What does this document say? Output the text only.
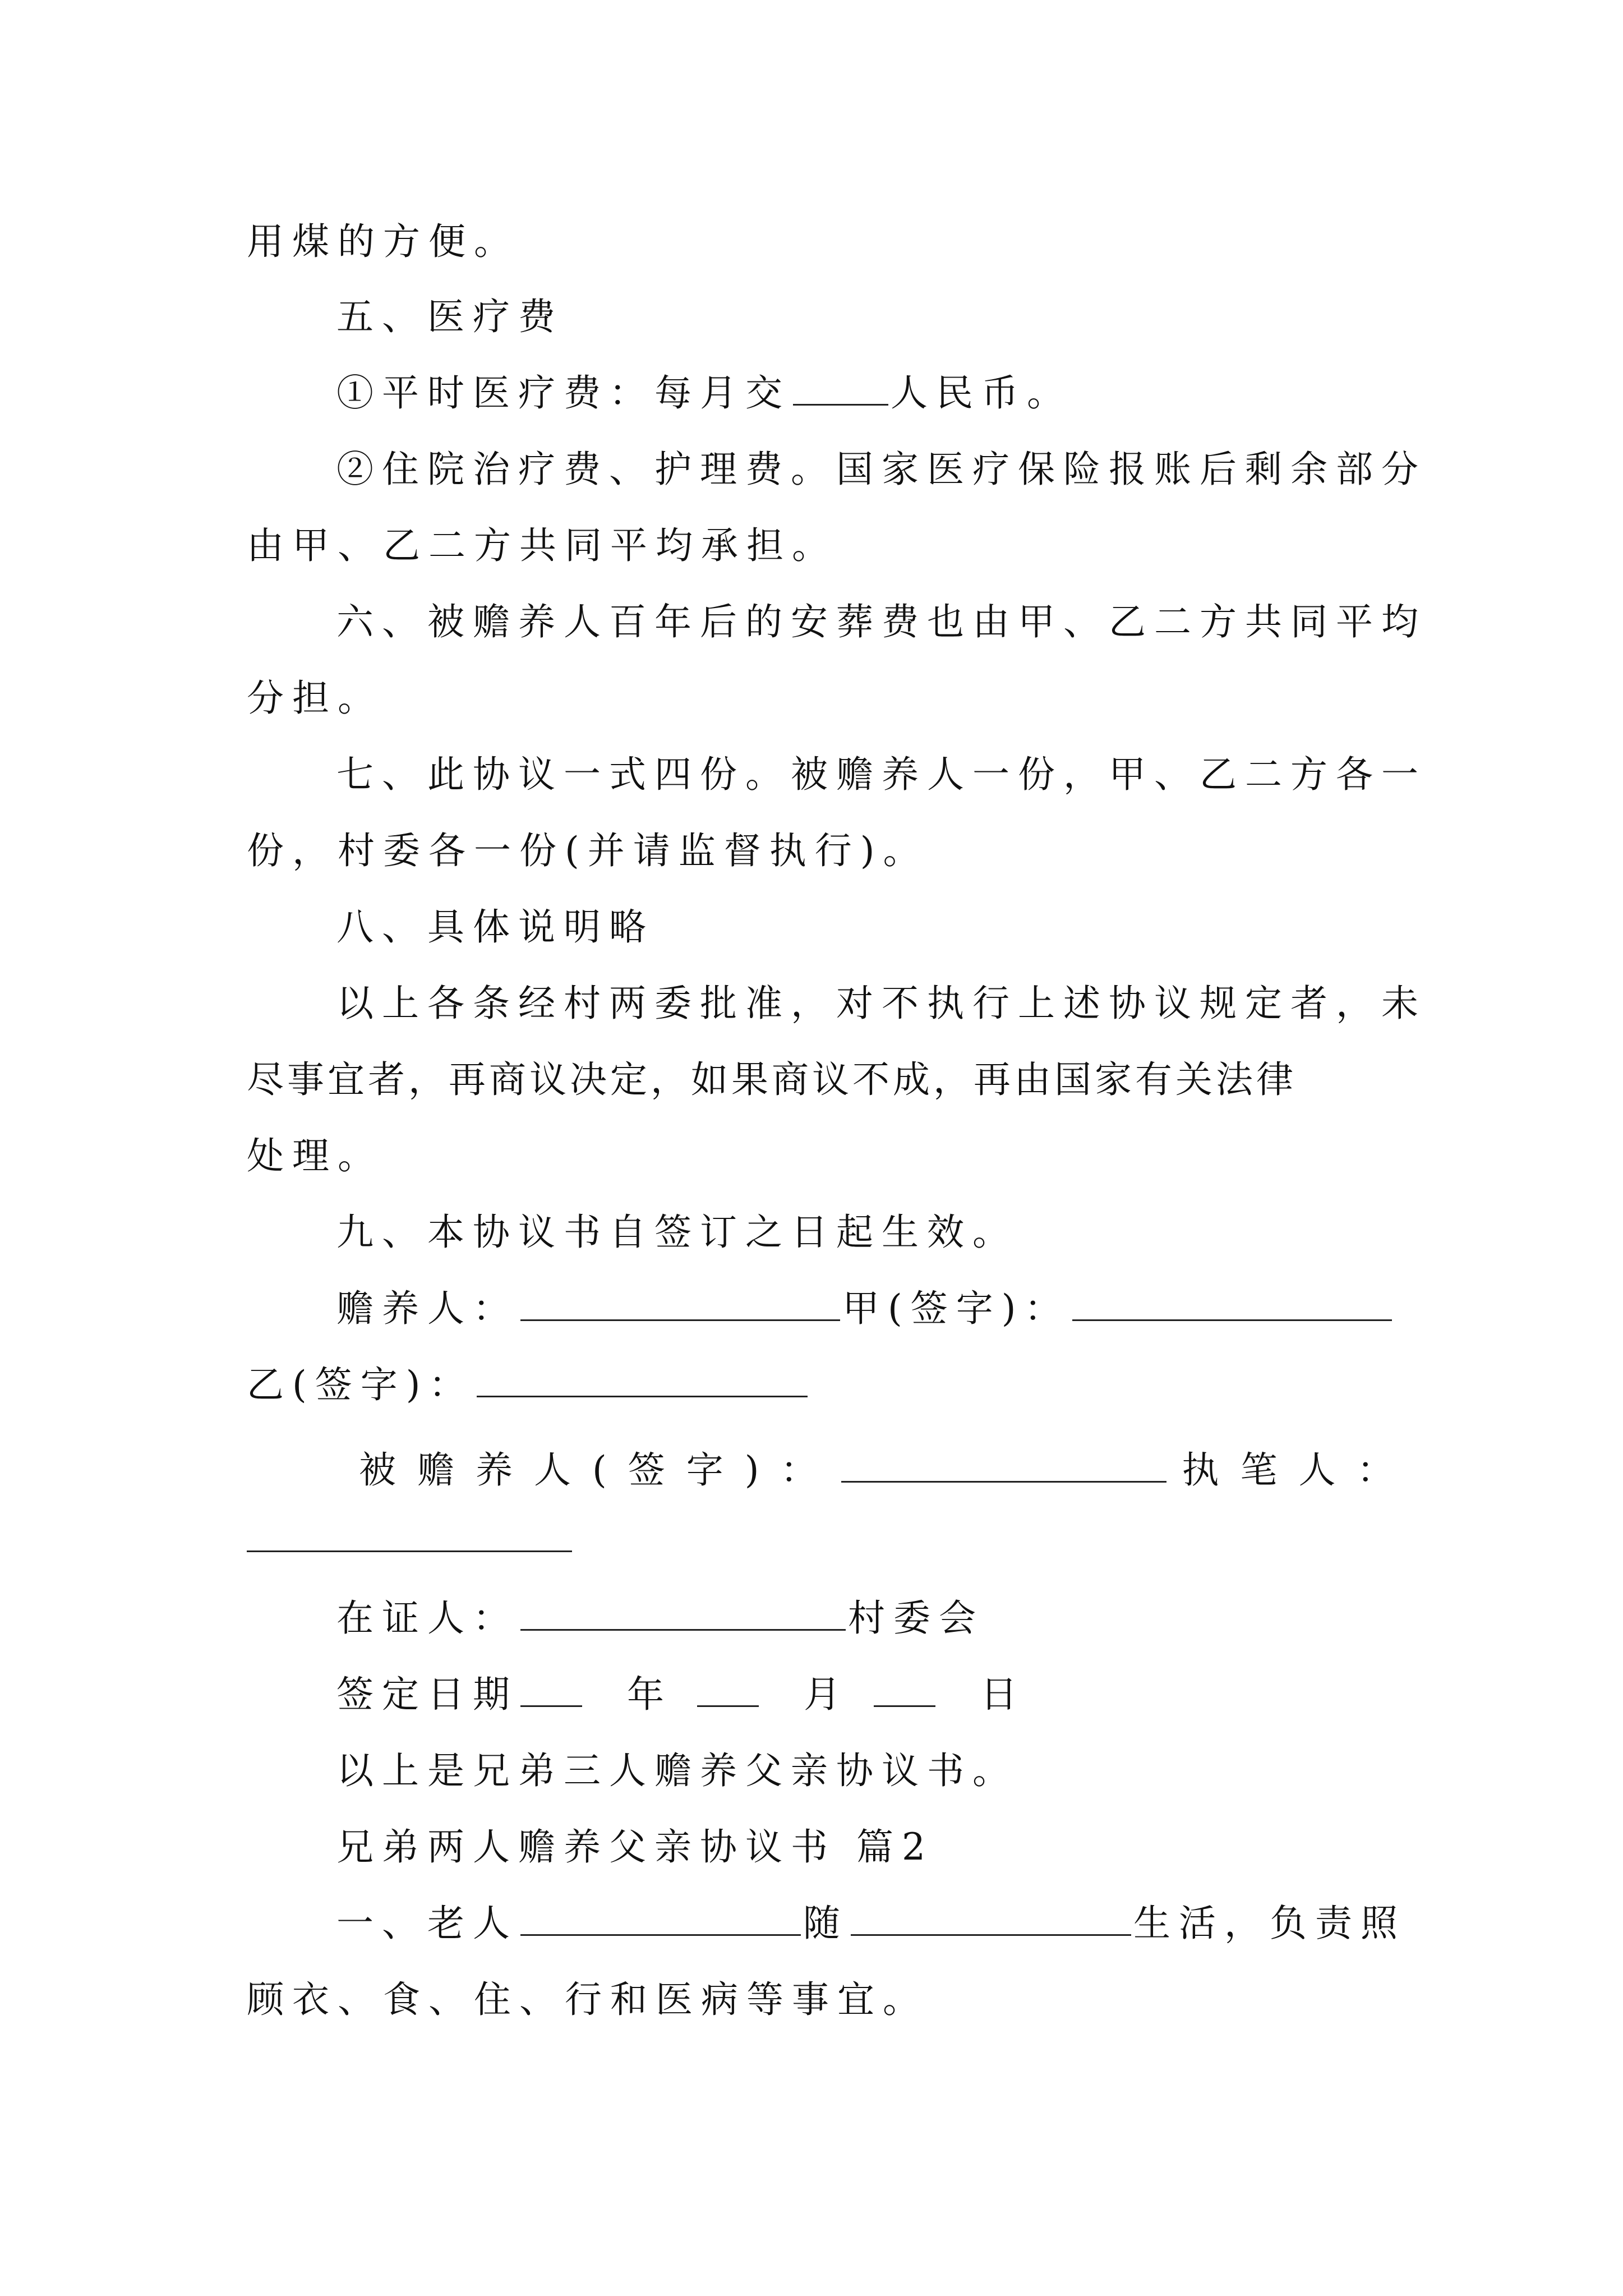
用煤的方便。
五、医疗费
①平时医疗费：每月交	人民币。
②住院治疗费、护理费。国家医疗保险报账后剩余部分
由甲、乙二方共同平均承担。
六、被赡养人百年后的安葬费也由甲、乙二方共同平均
分担。
七、此协议一式四份。被赡养人一份，甲、乙二方各一
份，村委各一份(并请监督执行)。
八、具体说明略
以上各条经村两委批准，对不执行上述协议规定者，未
尽事宜者，再商议决定，如果商议不成，再由国家有关法律
处理。
九、本协议书自签订之日起生效。
赡养人：	甲(签字)：
乙(签字)：
被赡养人(签字)：	执笔人：
在证人：	村委会
签定日期	年	月	日
以上是兄弟三人赡养父亲协议书。
兄弟两人赡养父亲协议书 篇2
一、老人	随	生活，负责照
顾衣、食、住、行和医病等事宜。
